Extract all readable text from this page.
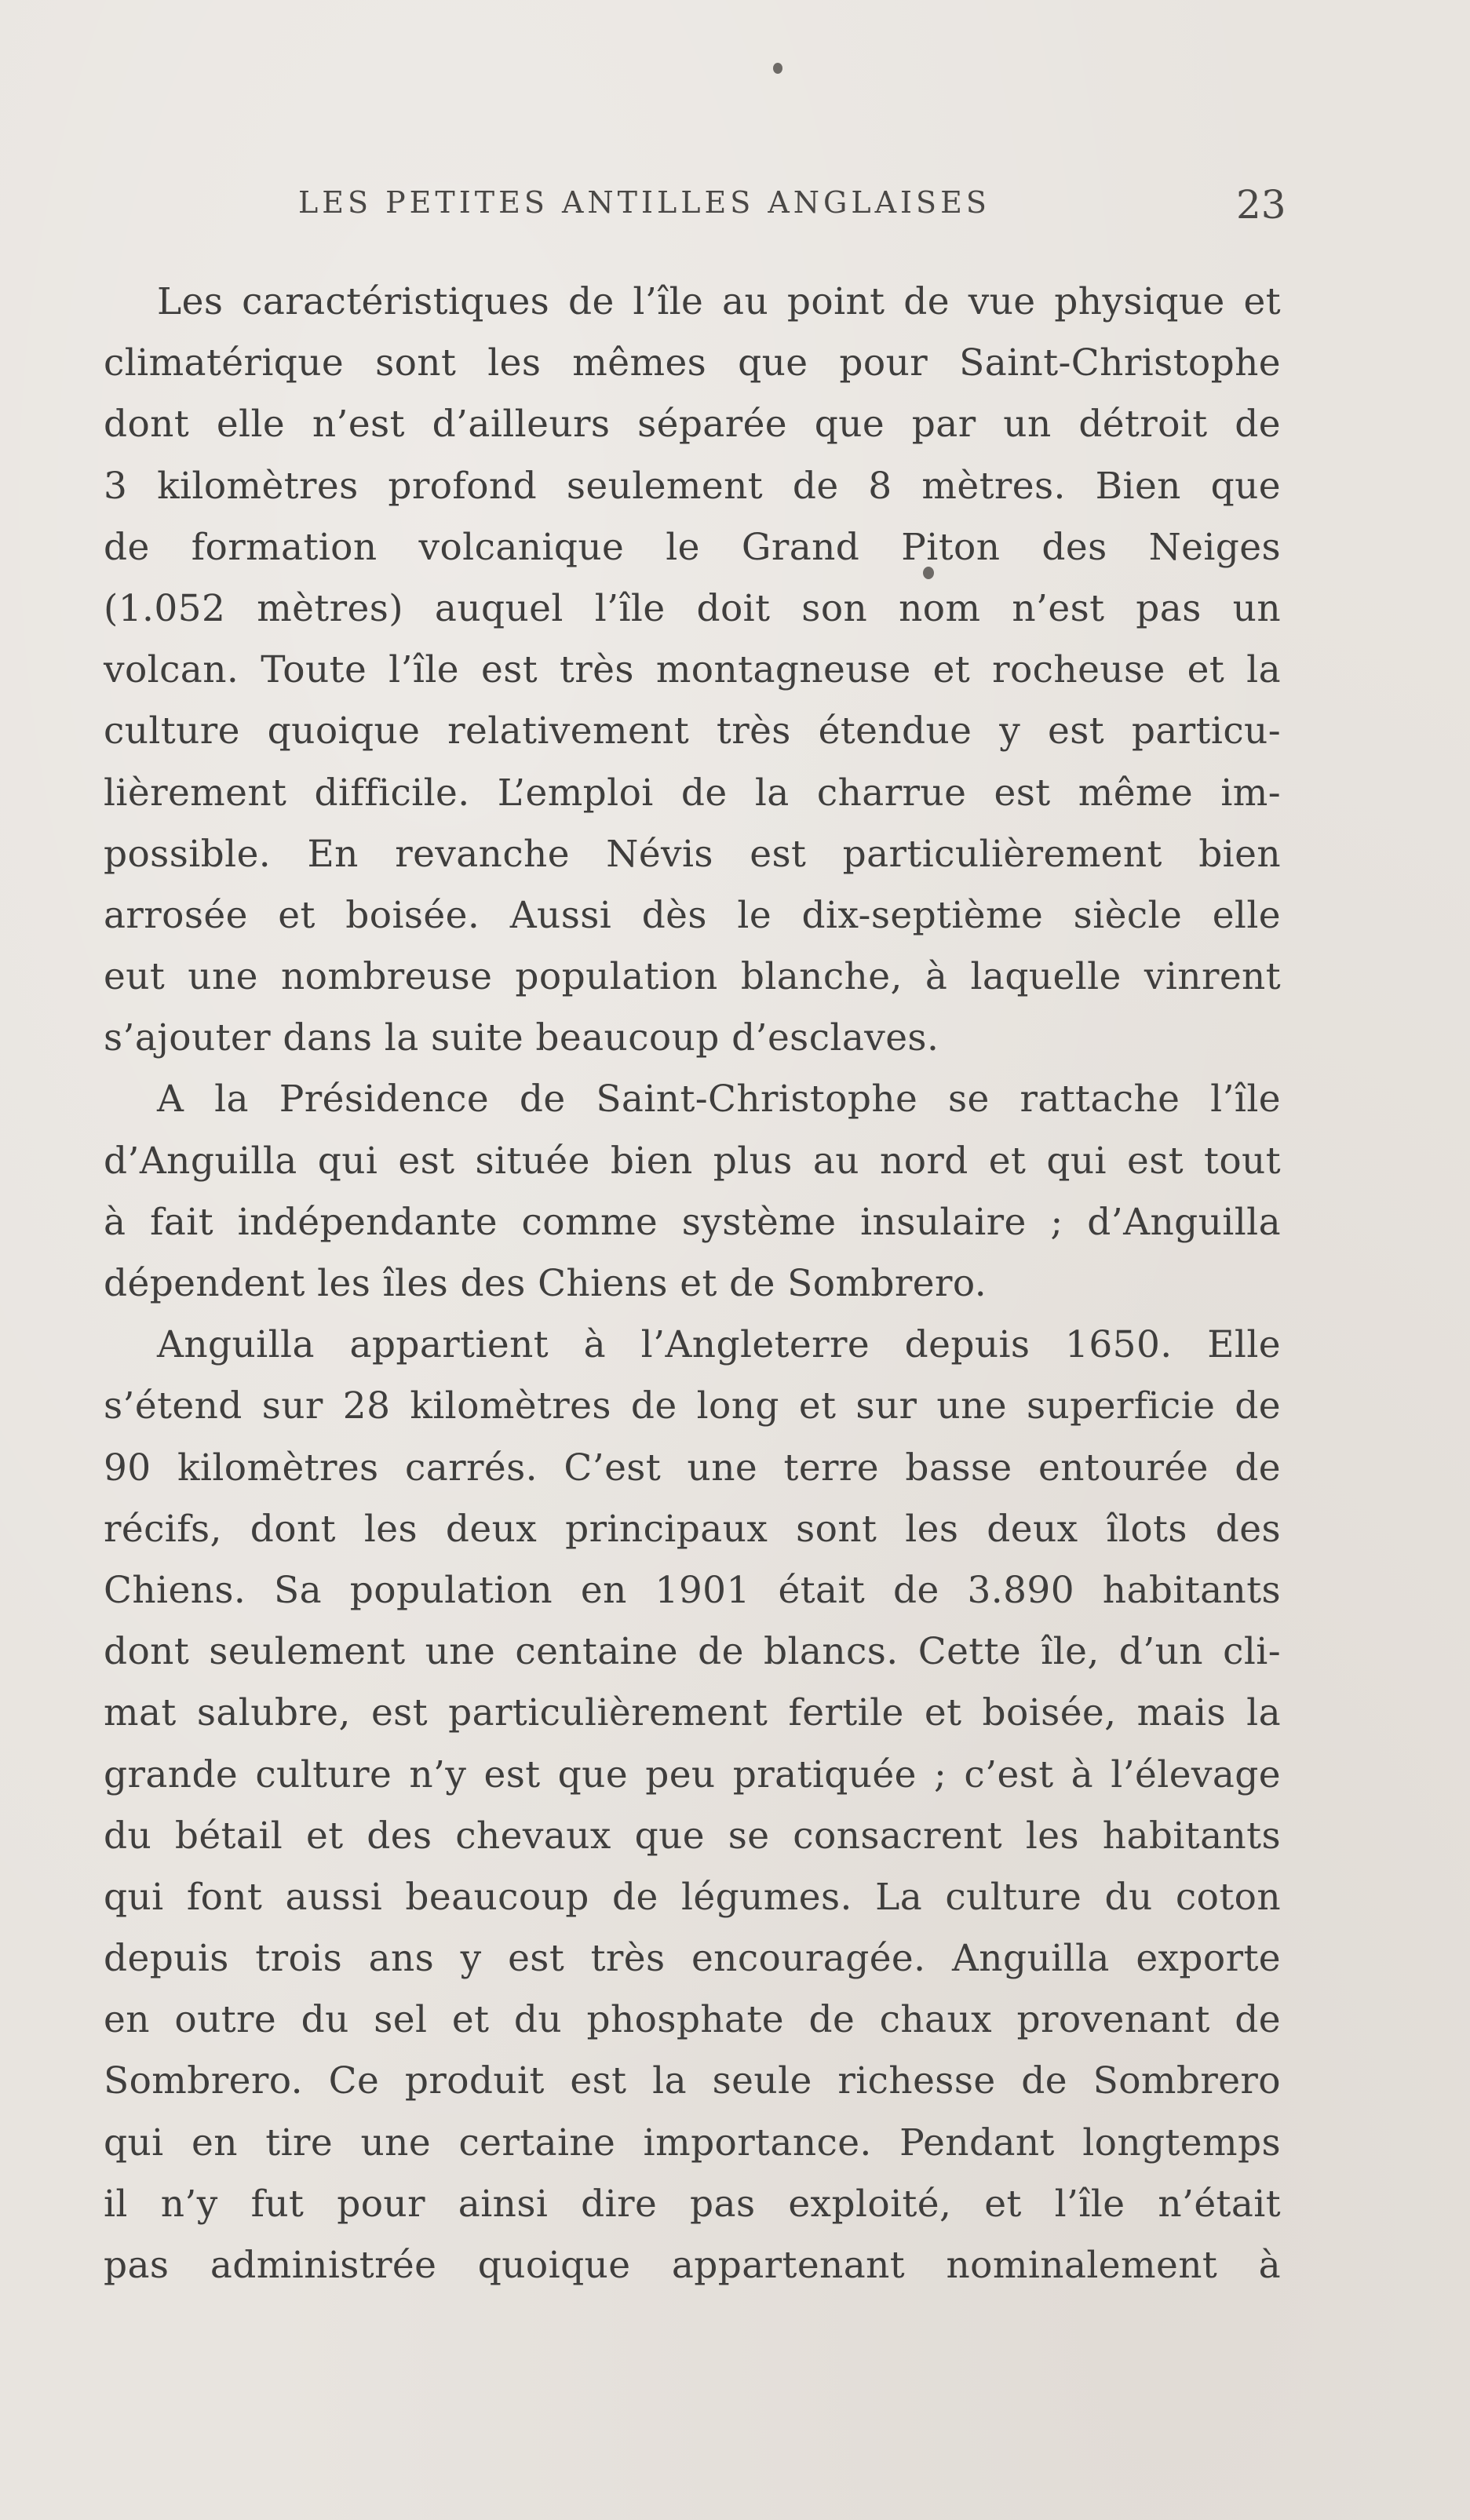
LES PETITES ANTILLES ANGLAISES	23
Les caractéristiques de l’île au point de vue physique et
climatérique sont les mêmes que pour Saint-Christophe
dont elle n’est d’ailleurs séparée que par un détroit de
3 kilomètres profond seulement de 8 mètres. Bien que
de formation volcanique le Grand Piton des Neiges
(1.052 mètres) auquel l’île doit son nom n’est pas un
volcan. Toute l’île est très montagneuse et rocheuse et la
culture quoique relativement très étendue y est particu-
lièrement difficile. L’emploi de la charrue est même im-
possible. En revanche Névis est particulièrement bien
arrosée et boisée. Aussi dès le dix-septième siècle elle
eut une nombreuse population blanche, à laquelle vinrent
s’ajouter dans la suite beaucoup d’esclaves.
A la Présidence de Saint-Christophe se rattache l’île
d’Anguilla qui est située bien plus au nord et qui est tout
à fait indépendante comme système insulaire ; d’Anguilla
dépendent les îles des Chiens et de Sombrero.
Anguilla appartient à l’Angleterre depuis 1650. Elle
s’étend sur 28 kilomètres de long et sur une superficie de
90 kilomètres carrés. C’est une terre basse entourée de
récifs, dont les deux principaux sont les deux îlots des
Chiens. Sa population en 1901 était de 3.890 habitants
dont seulement une centaine de blancs. Cette île, d’un cli-
mat salubre, est particulièrement fertile et boisée, mais la
grande culture n’y est que peu pratiquée ; c’est à l’élevage
du bétail et des chevaux que se consacrent les habitants
qui font aussi beaucoup de légumes. La culture du coton
depuis trois ans y est très encouragée. Anguilla exporte
en outre du sel et du phosphate de chaux provenant de
Sombrero. Ce produit est la seule richesse de Sombrero
qui en tire une certaine importance. Pendant longtemps
il n’y fut pour ainsi dire pas exploité, et l’île n’était
pas administrée quoique appartenant nominalement à
